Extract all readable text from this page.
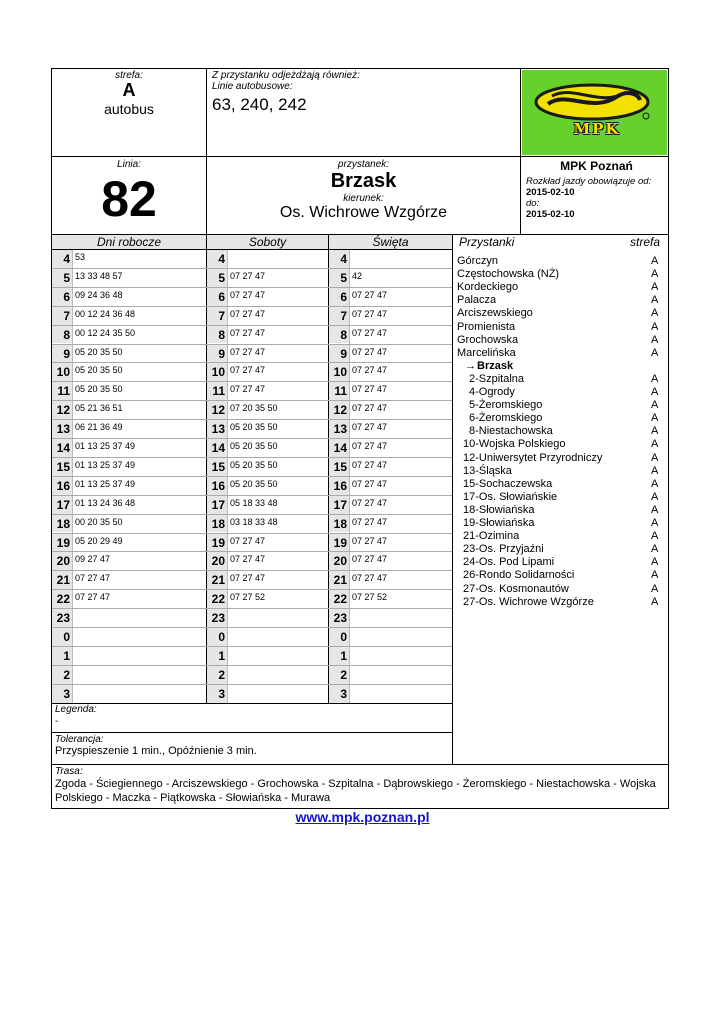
strefa:
A
autobus
Z przystanku odjeżdżają również:
Linie autobusowe:
63, 240, 242
MPK
Linia:
82
przystanek:
Brzask
kierunek:
Os. Wichrowe Wzgórze
MPK Poznań
Rozkład jazdy obowiązuje od:
2015-02-10
do:
2015-02-10
Dni robocze	Soboty	Święta	Przystanki	strefa
4 53	4	4
5 13 33 48 57	5 07 27 47	5 42
6 09 24 36 48	6 07 27 47	6 07 27 47
7 00 12 24 36 48	7 07 27 47	7 07 27 47
8 00 12 24 35 50	8 07 27 47	8 07 27 47
9 05 20 35 50	9 07 27 47	9 07 27 47
10 05 20 35 50	10 07 27 47	10 07 27 47
11 05 20 35 50	11 07 27 47	11 07 27 47
12 05 21 36 51	12 07 20 35 50	12 07 27 47
13 06 21 36 49	13 05 20 35 50	13 07 27 47
14 01 13 25 37 49	14 05 20 35 50	14 07 27 47
15 01 13 25 37 49	15 05 20 35 50	15 07 27 47
16 01 13 25 37 49	16 05 20 35 50	16 07 27 47
17 01 13 24 36 48	17 05 18 33 48	17 07 27 47
18 00 20 35 50	18 03 18 33 48	18 07 27 47
19 05 20 29 49	19 07 27 47	19 07 27 47
20 09 27 47	20 07 27 47	20 07 27 47
21 07 27 47	21 07 27 47	21 07 27 47
22 07 27 47	22 07 27 52	22 07 27 52
23	23	23
0	0	0
1	1	1
2	2	2
3	3	3
Górczyn	A
Częstochowska (NŻ)	A
Kordeckiego	A
Palacza	A
Arciszewskiego	A
Promienista	A
Grochowska	A
Marcelińska	A
→Brzask
2-Szpitalna	A
4-Ogrody	A
5-Żeromskiego	A
6-Żeromskiego	A
8-Niestachowska	A
10-Wojska Polskiego	A
12-Uniwersytet Przyrodniczy	A
13-Śląska	A
15-Sochaczewska	A
17-Os. Słowiańskie	A
18-Słowiańska	A
19-Słowiańska	A
21-Ozimina	A
23-Os. Przyjaźni	A
24-Os. Pod Lipami	A
26-Rondo Solidarności	A
27-Os. Kosmonautów	A
27-Os. Wichrowe Wzgórze	A
Legenda:
-
Tolerancja:
Przyspieszenie 1 min., Opóźnienie 3 min.
Trasa:
Zgoda - Ściegiennego - Arciszewskiego - Grochowska - Szpitalna - Dąbrowskiego - Żeromskiego - Niestachowska - Wojska
Polskiego - Maczka - Piątkowska - Słowiańska - Murawa
www.mpk.poznan.pl
